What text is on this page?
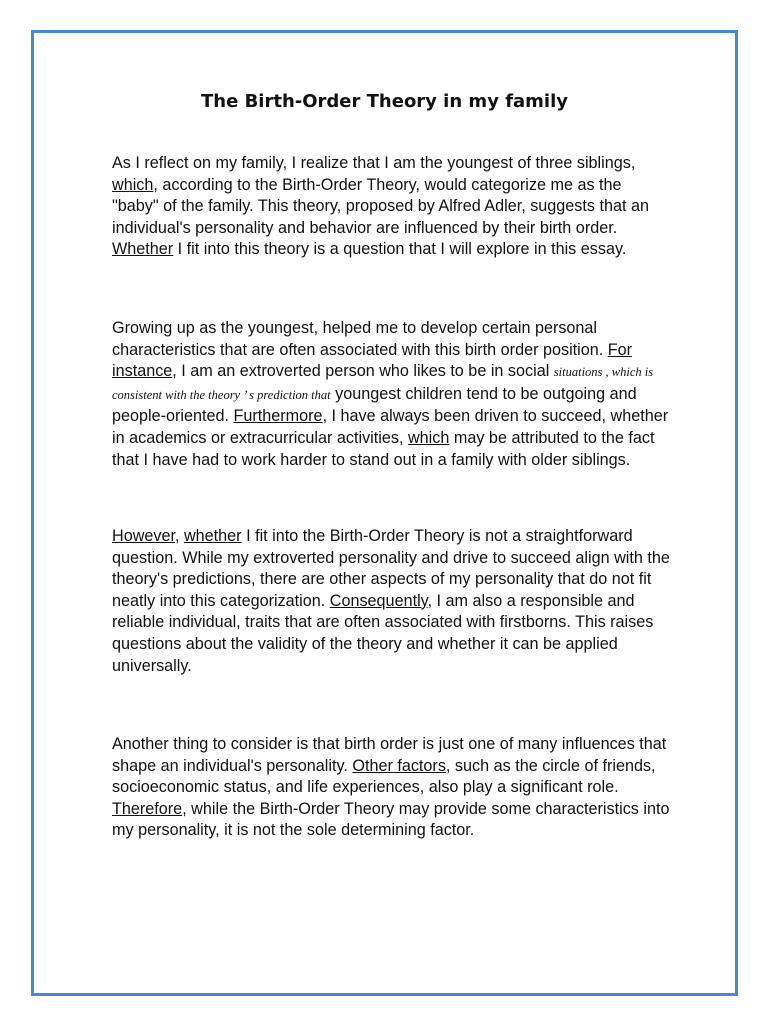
The Birth-Order Theory in my family

As I reflect on my family, I realize that I am the youngest of three siblings, which, according to the Birth-Order Theory, would categorize me as the "baby" of the family. This theory, proposed by Alfred Adler, suggests that an individual's personality and behavior are influenced by their birth order. Whether I fit into this theory is a question that I will explore in this essay.

Growing up as the youngest, helped me to develop certain personal characteristics that are often associated with this birth order position. For instance, I am an extroverted person who likes to be in social situations , which is consistent with the theory ’ s prediction that youngest children tend to be outgoing and people-oriented. Furthermore, I have always been driven to succeed, whether in academics or extracurricular activities, which may be attributed to the fact that I have had to work harder to stand out in a family with older siblings.

However, whether I fit into the Birth-Order Theory is not a straightforward question. While my extroverted personality and drive to succeed align with the theory's predictions, there are other aspects of my personality that do not fit neatly into this categorization. Consequently, I am also a responsible and reliable individual, traits that are often associated with firstborns. This raises questions about the validity of the theory and whether it can be applied universally.

Another thing to consider is that birth order is just one of many influences that shape an individual's personality. Other factors, such as the circle of friends, socioeconomic status, and life experiences, also play a significant role. Therefore, while the Birth-Order Theory may provide some characteristics into my personality, it is not the sole determining factor.
